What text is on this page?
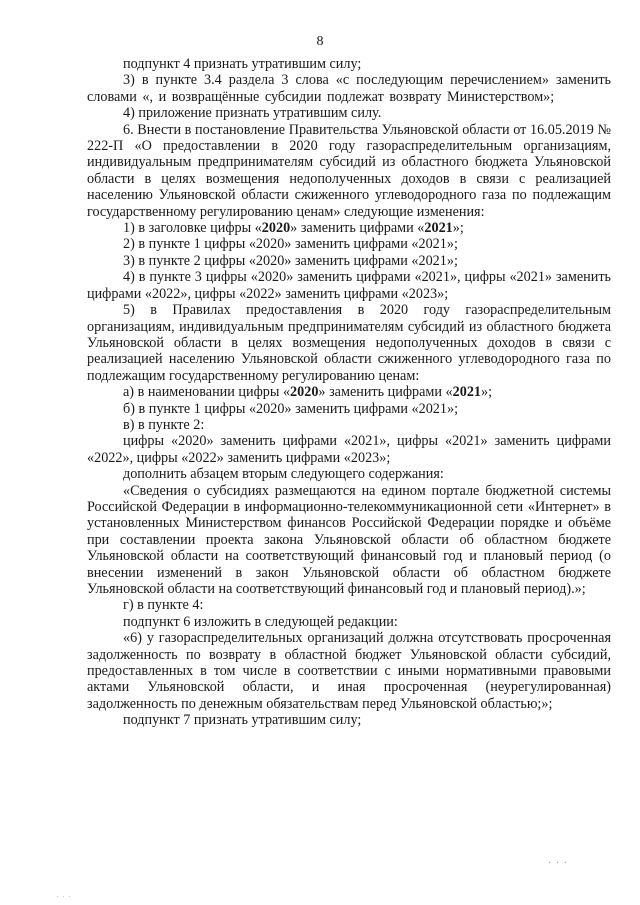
8

подпункт 4 признать утратившим силу;

3) в пункте 3.4 раздела 3 слова «с последующим перечислением» заменить словами «, и возвращённые субсидии подлежат возврату Министерством»;

4) приложение признать утратившим силу.

6. Внести в постановление Правительства Ульяновской области от 16.05.2019 № 222-П «О предоставлении в 2020 году газораспределительным организациям, индивидуальным предпринимателям субсидий из областного бюджета Ульяновской области в целях возмещения недополученных доходов в связи с реализацией населению Ульяновской области сжиженного углеводородного газа по подлежащим государственному регулированию ценам» следующие изменения:

1) в заголовке цифры «2020» заменить цифрами «2021»;

2) в пункте 1 цифры «2020» заменить цифрами «2021»;

3) в пункте 2 цифры «2020» заменить цифрами «2021»;

4) в пункте 3 цифры «2020» заменить цифрами «2021», цифры «2021» заменить цифрами «2022», цифры «2022» заменить цифрами «2023»;

5) в Правилах предоставления в 2020 году газораспределительным организациям, индивидуальным предпринимателям субсидий из областного бюджета Ульяновской области в целях возмещения недополученных доходов в связи с реализацией населению Ульяновской области сжиженного углеводородного газа по подлежащим государственному регулированию ценам:

а) в наименовании цифры «2020» заменить цифрами «2021»;

б) в пункте 1 цифры «2020» заменить цифрами «2021»;

в) в пункте 2:

цифры «2020» заменить цифрами «2021», цифры «2021» заменить цифрами «2022», цифры «2022» заменить цифрами «2023»;

дополнить абзацем вторым следующего содержания:

«Сведения о субсидиях размещаются на едином портале бюджетной системы Российской Федерации в информационно-телекоммуникационной сети «Интернет» в установленных Министерством финансов Российской Федерации порядке и объёме при составлении проекта закона Ульяновской области об областном бюджете Ульяновской области на соответствующий финансовый год и плановый период (о внесении изменений в закон Ульяновской области об областном бюджете Ульяновской области на соответствующий финансовый год и плановый период).»;

г) в пункте 4:

подпункт 6 изложить в следующей редакции:

«6) у газораспределительных организаций должна отсутствовать просроченная задолженность по возврату в областной бюджет Ульяновской области субсидий, предоставленных в том числе в соответствии с иными нормативными правовыми актами Ульяновской области, и иная просроченная (неурегулированная) задолженность по денежным обязательствам перед Ульяновской областью;»;

подпункт 7 признать утратившим силу;

· · ·
· · ·
